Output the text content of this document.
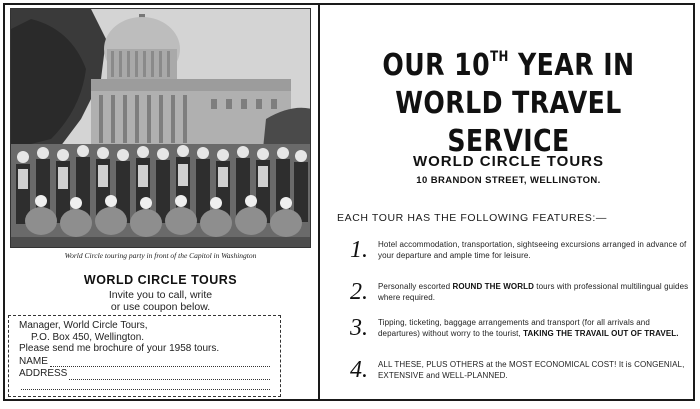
World Circle touring party in front of the Capitol in Washington
WORLD CIRCLE TOURS
Invite you to call, write
or use coupon below.
Manager, World Circle Tours,
P.O. Box 450, Wellington.
Please send me brochure of your 1958 tours.
NAME
ADDRESS
OUR 10TH YEAR IN
WORLD TRAVEL SERVICE
WORLD CIRCLE TOURS
10 BRANDON STREET, WELLINGTON.
EACH TOUR HAS THE FOLLOWING FEATURES:—
1.	Hotel accommodation, transportation, sightseeing excursions arranged in advance of your departure and ample time for leisure.
2.	Personally escorted ROUND THE WORLD tours with professional multilingual guides where required.
3.	Tipping, ticketing, baggage arrangements and transport (for all arrivals and departures) without worry to the tourist, TAKING THE TRAVAIL OUT OF TRAVEL.
4.	ALL THESE, PLUS OTHERS at the MOST ECONOMICAL COST! It is CONGENIAL, EXTENSIVE and WELL-PLANNED.
